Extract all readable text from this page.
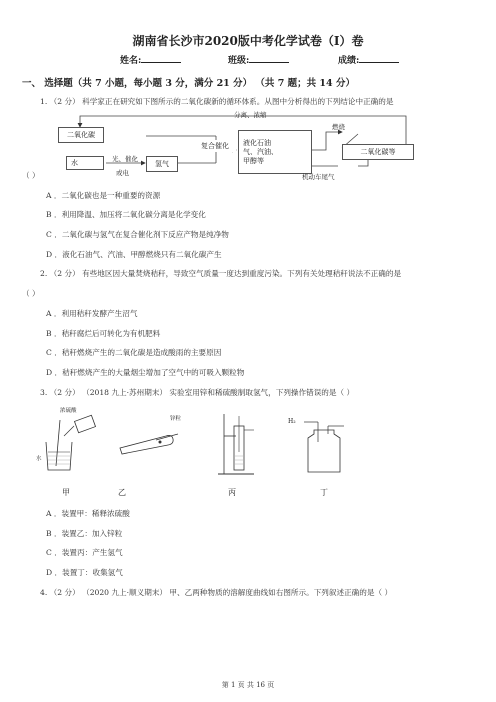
湖南省长沙市2020版中考化学试卷（I）卷
姓名:	班级:	成绩:
一、 选择题（共 7 小题，每小题 3 分，满分 21 分） （共 7 题；共 14 分）
1. （2 分） 科学家正在研究如下图所示的二氧化碳新的循环体系。从图中分析得出的下列结论中正确的是
二氧化碳
水	光、催化
或电
氢气
复合催化	液化石油
气、汽油、
甲醇等
分离、浓缩
燃烧
二氧化碳等
机动车尾气
（ ）
A ．二氧化碳也是一种重要的资源
B ．利用降温、加压将二氧化碳分离是化学变化
C ．二氧化碳与氢气在复合催化剂下反应产物是纯净物
D ．液化石油气、汽油、甲醇燃烧只有二氧化碳产生
2. （2 分） 有些地区因大量焚烧秸秆，导致空气质量一度达到重度污染。下列有关处理秸秆说法不正确的是
（ ）
A ．利用秸秆发酵产生沼气
B ．秸秆腐烂后可转化为有机肥料
C ．秸秆燃烧产生的二氧化碳是造成酸雨的主要原因
D ．秸秆燃烧产生的大量烟尘增加了空气中的可吸入颗粒物
3. （2 分） （2018 九上·苏州期末） 实验室用锌和稀硫酸制取氢气，下列操作错误的是（ ）
浓硫酸
水
锌粒	H₂
甲	乙	丙	丁
A ．装置甲：稀释浓硫酸
B ．装置乙：加入锌粒
C ．装置丙：产生氢气
D ．装置丁：收集氢气
4. （2 分） （2020 九上·顺义期末） 甲、乙两种物质的溶解度曲线如右图所示。下列叙述正确的是（ ）
第 1 页 共 16 页
